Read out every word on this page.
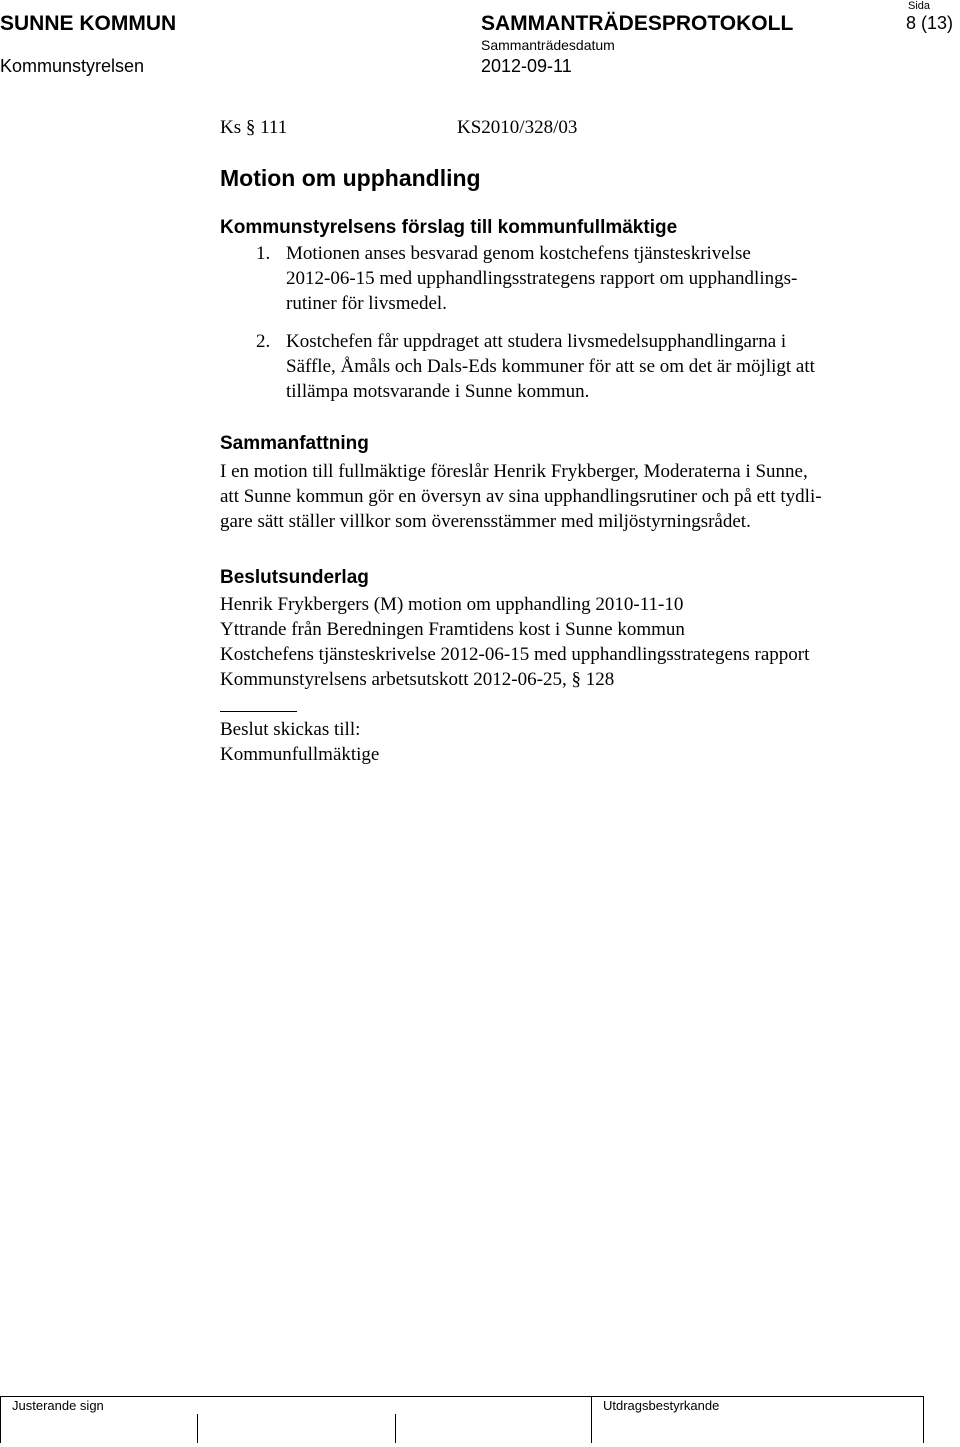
SUNNE KOMMUN
Kommunstyrelsen
SAMMANTRÄDESPROTOKOLL
Sammanträdesdatum
2012-09-11
Sida
8 (13)
Ks § 111	KS2010/328/03
Motion om upphandling
Kommunstyrelsens förslag till kommunfullmäktige
1. Motionen anses besvarad genom kostchefens tjänsteskrivelse
2012-06-15 med upphandlingsstrategens rapport om upphandlings-
rutiner för livsmedel.
2. Kostchefen får uppdraget att studera livsmedelsupphandlingarna i
Säffle, Åmåls och Dals-Eds kommuner för att se om det är möjligt att
tillämpa motsvarande i Sunne kommun.
Sammanfattning
I en motion till fullmäktige föreslår Henrik Frykberger, Moderaterna i Sunne,
att Sunne kommun gör en översyn av sina upphandlingsrutiner och på ett tydli-
gare sätt ställer villkor som överensstämmer med miljöstyrningsrådet.
Beslutsunderlag
Henrik Frykbergers (M) motion om upphandling 2010-11-10
Yttrande från Beredningen Framtidens kost i Sunne kommun
Kostchefens tjänsteskrivelse 2012-06-15 med upphandlingsstrategens rapport
Kommunstyrelsens arbetsutskott 2012-06-25, § 128
Beslut skickas till:
Kommunfullmäktige
Justerande sign	Utdragsbestyrkande
